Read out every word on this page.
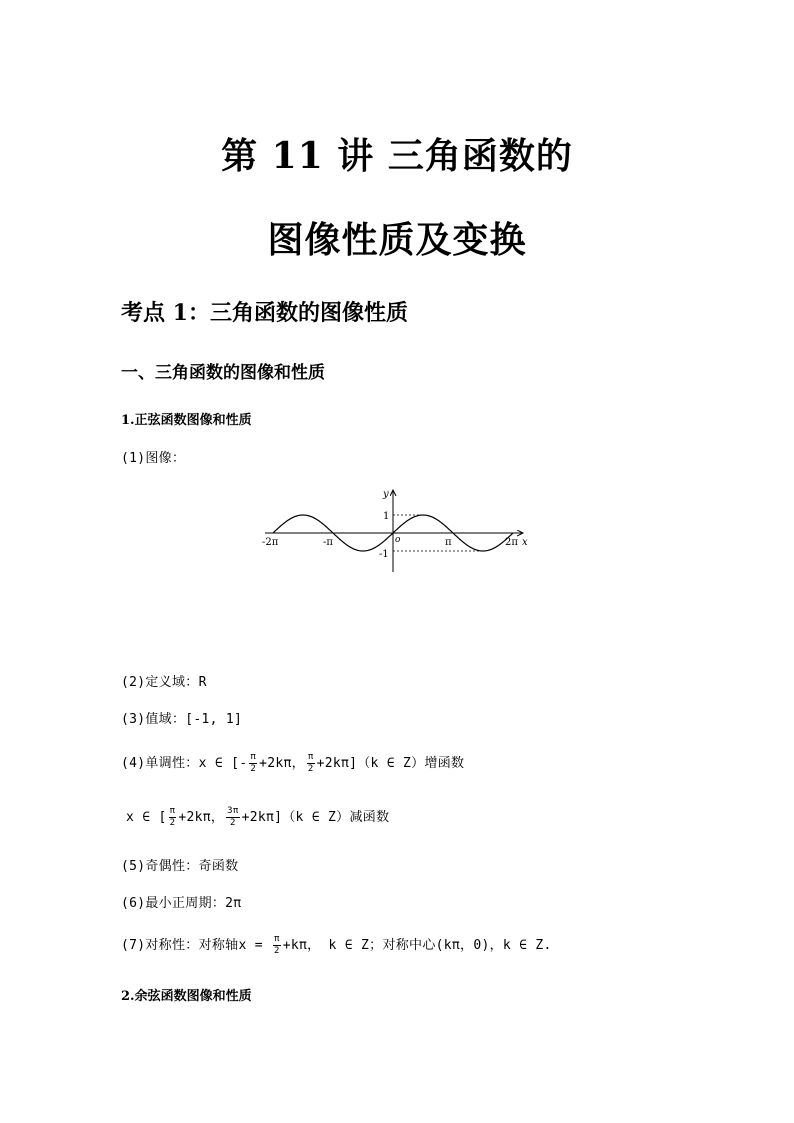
第 11 讲 三角函数的
图像性质及变换
考点 1：三角函数的图像性质
一、三角函数的图像和性质
1.正弦函数图像和性质
(1)图像：
y
x
o
1
-1
-2π	-π	π	2π
(2)定义域：R
(3)值域：[-1, 1]
(4)单调性：x ∈ [- $\frac{\pi}{2} +2k\pi$， $\frac{\pi}{2} +2k\pi](k$ ∈ Z）增函数
x ∈ [ $\frac{\pi}{2} +2k\pi$， $\frac{3\pi}{2} +2k\pi](k$ ∈ Z）减函数
(5)奇偶性：奇函数
(6)最小正周期：2π
(7)对称性：对称轴$x = \frac{\pi}{2} +k\pi$， k ∈ Z；对称中心(kπ，0)，k ∈ Z.
2.余弦函数图像和性质
